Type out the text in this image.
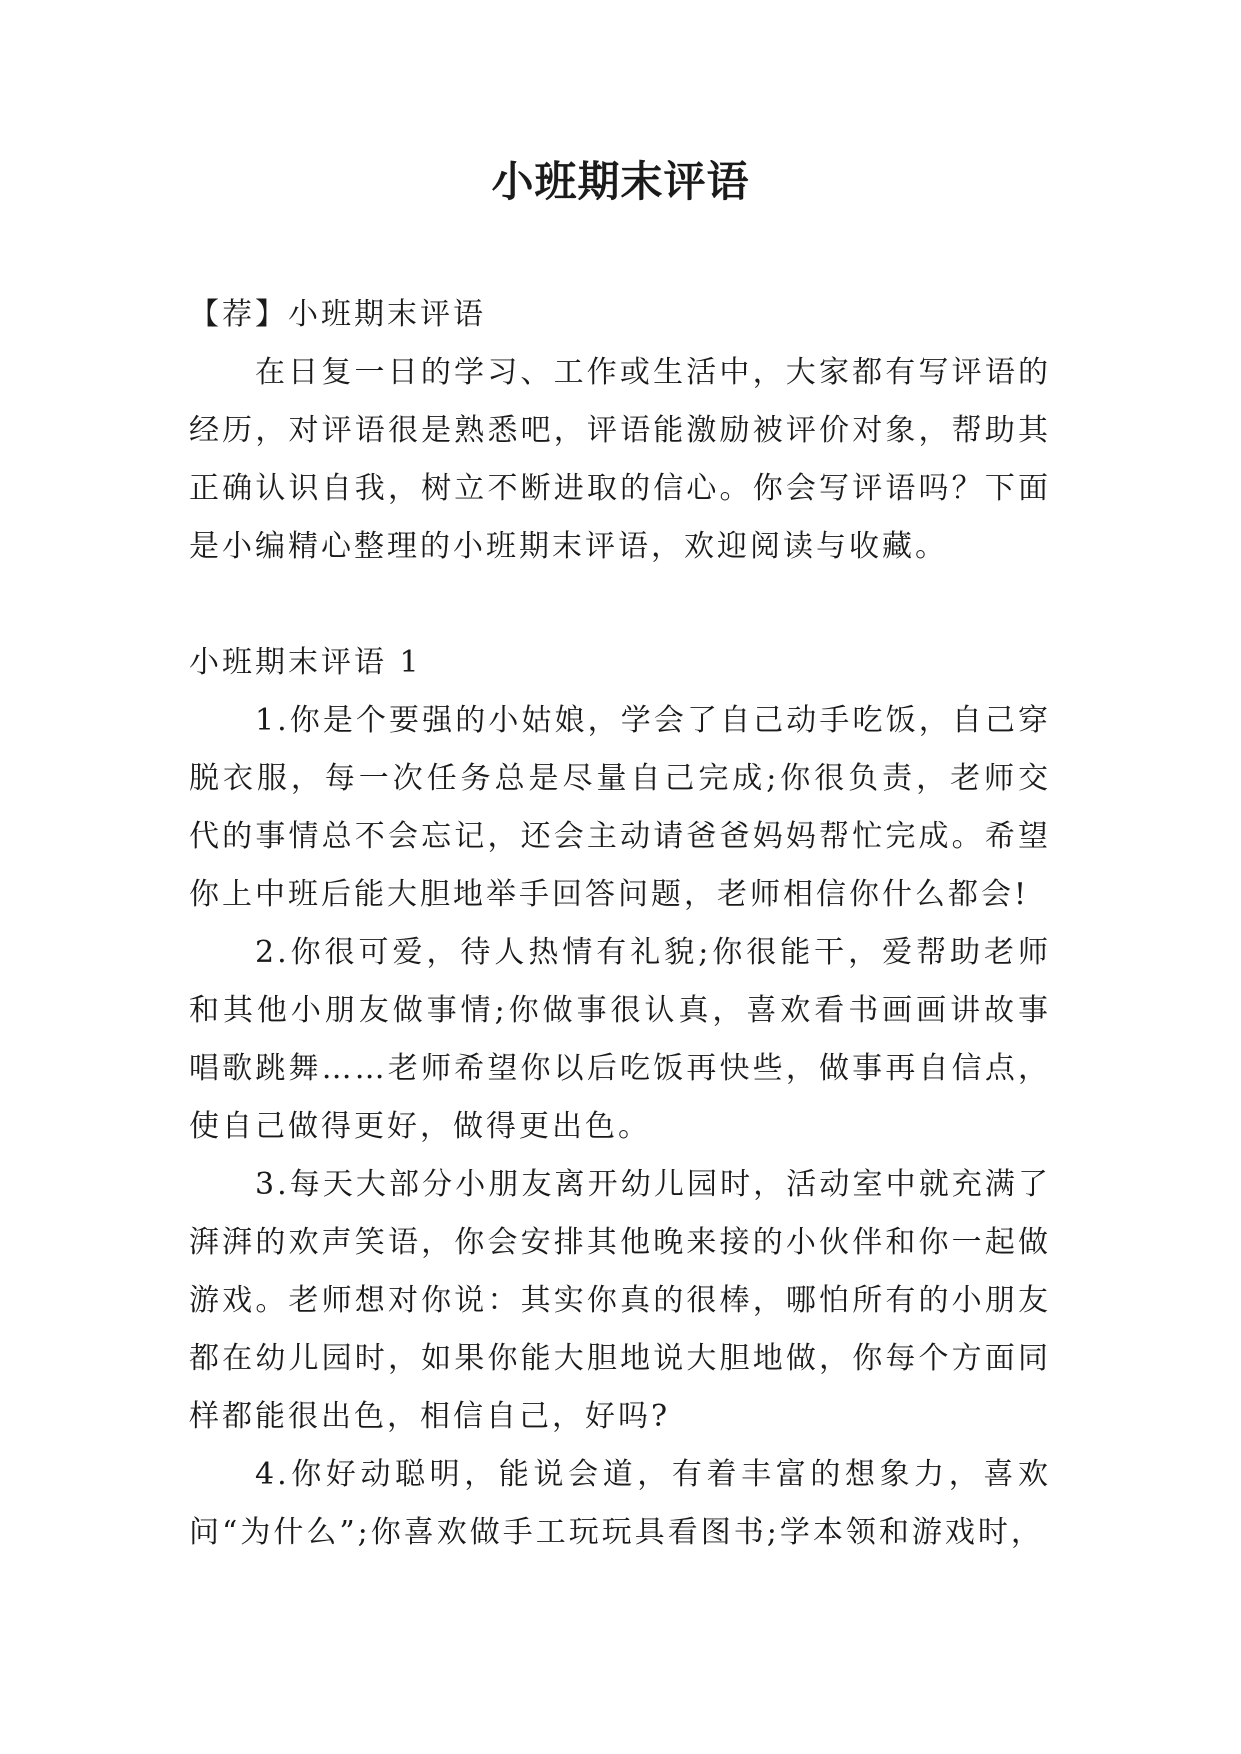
小班期末评语

【荐】小班期末评语

在日复一日的学习、工作或生活中，大家都有写评语的经历，对评语很是熟悉吧，评语能激励被评价对象，帮助其正确认识自我，树立不断进取的信心。你会写评语吗？下面是小编精心整理的小班期末评语，欢迎阅读与收藏。

小班期末评语 1

1.你是个要强的小姑娘，学会了自己动手吃饭，自己穿脱衣服，每一次任务总是尽量自己完成;你很负责，老师交代的事情总不会忘记，还会主动请爸爸妈妈帮忙完成。希望你上中班后能大胆地举手回答问题，老师相信你什么都会!

2.你很可爱，待人热情有礼貌;你很能干，爱帮助老师和其他小朋友做事情;你做事很认真，喜欢看书画画讲故事唱歌跳舞……老师希望你以后吃饭再快些，做事再自信点，使自己做得更好，做得更出色。

3.每天大部分小朋友离开幼儿园时，活动室中就充满了湃湃的欢声笑语，你会安排其他晚来接的小伙伴和你一起做游戏。老师想对你说：其实你真的很棒，哪怕所有的小朋友都在幼儿园时，如果你能大胆地说大胆地做，你每个方面同样都能很出色，相信自己，好吗?

4.你好动聪明，能说会道，有着丰富的想象力，喜欢问“为什么”;你喜欢做手工玩玩具看图书;学本领和游戏时，
